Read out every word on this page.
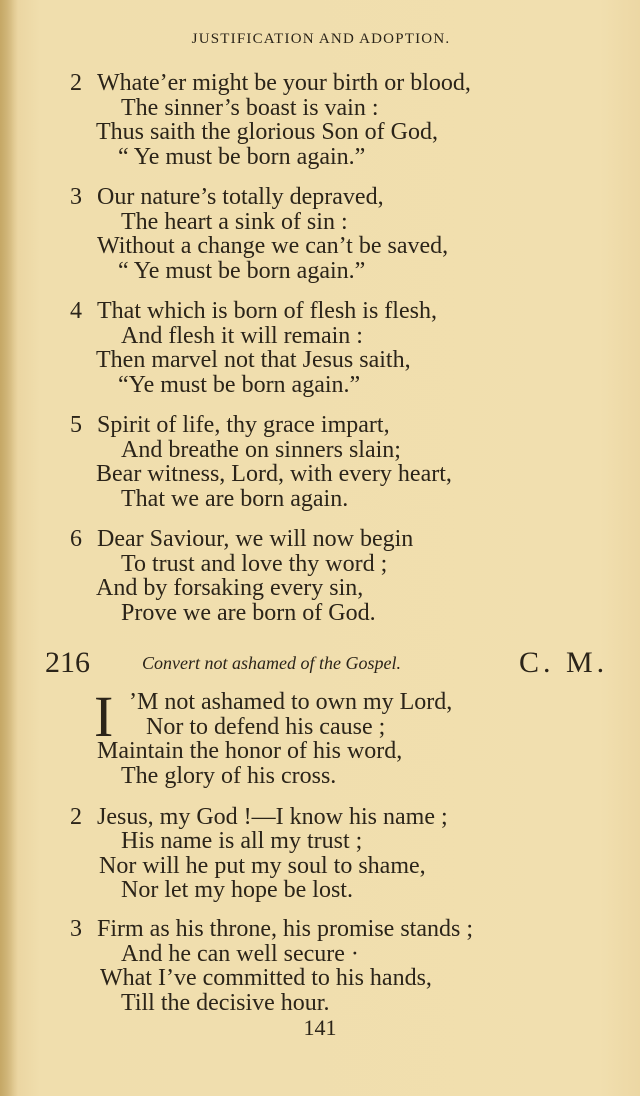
JUSTIFICATION AND ADOPTION.
2 Whate’er might be your birth or blood,
The sinner’s boast is vain :
Thus saith the glorious Son of God,
“ Ye must be born again.”
3 Our nature’s totally depraved,
The heart a sink of sin :
Without a change we can’t be saved,
“ Ye must be born again.”
4 That which is born of flesh is flesh,
And flesh it will remain :
Then marvel not that Jesus saith,
“Ye must be born again.”
5 Spirit of life, thy grace impart,
And breathe on sinners slain;
Bear witness, Lord, with every heart,
That we are born again.
6 Dear Saviour, we will now begin
To trust and love thy word ;
And by forsaking every sin,
Prove we are born of God.
216	Convert not ashamed of the Gospel.	C. M.
I ’M not ashamed to own my Lord,
Nor to defend his cause ;
Maintain the honor of his word,
The glory of his cross.
2 Jesus, my God !—I know his name ;
His name is all my trust ;
Nor will he put my soul to shame,
Nor let my hope be lost.
3 Firm as his throne, his promise stands ;
And he can well secure ·
What I’ve committed to his hands,
Till the decisive hour.
141
